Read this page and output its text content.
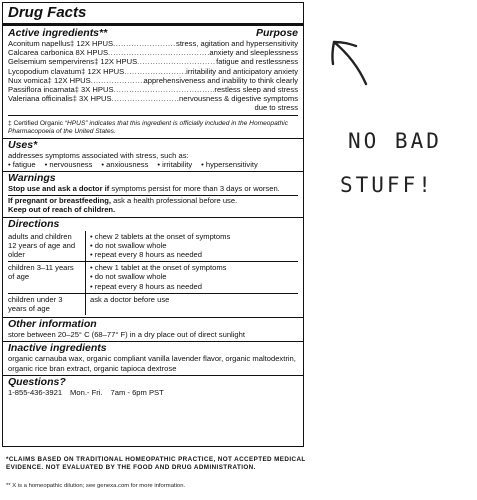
Drug Facts
Active ingredients**	Purpose
Aconitum napellus‡ 12X HPUS .....	stress, agitation and hypersensitivity
Calcarea carbonica 8X HPUS .....	anxiety and sleeplessness
Gelsemium sempervirens‡ 12X HPUS .....	fatigue and restlessness
Lycopodium clavatum‡ 12X HPUS .....	irritability and anticipatory anxiety
Nux vomica‡ 12X HPUS .....	apprehensiveness and inability to think clearly
Passiflora incarnata‡ 3X HPUS .....	restless sleep and stress
Valeriana officinalis‡ 3X HPUS .....	nervousness & digestive symptoms
due to stress
‡ Certified Organic “HPUS” indicates that this ingredient is officially included in the Homeopathic Pharmacopoeia of the United States.
Uses*
addresses symptoms associated with stress, such as:
• fatigue • nervousness • anxiousness • irritability • hypersensitivity
Warnings
Stop use and ask a doctor if symptoms persist for more than 3 days or worsen.
If pregnant or breastfeeding, ask a health professional before use.
Keep out of reach of children.
Directions
adults and children 12 years of age and older
• chew 2 tablets at the onset of symptoms
• do not swallow whole
• repeat every 8 hours as needed
children 3–11 years of age
• chew 1 tablet at the onset of symptoms
• do not swallow whole
• repeat every 8 hours as needed
children under 3 years of age
ask a doctor before use
Other information
store between 20–25° C (68–77° F) in a dry place out of direct sunlight
Inactive ingredients
organic carnauba wax, organic compliant vanilla lavender flavor, organic maltodextrin, organic rice bran extract, organic tapioca dextrose
Questions?
1-855-436-3921 Mon.- Fri. 7am - 6pm PST
*CLAIMS BASED ON TRADITIONAL HOMEOPATHIC PRACTICE, NOT ACCEPTED MEDICAL EVIDENCE. NOT EVALUATED BY THE FOOD AND DRUG ADMINISTRATION.
** X is a homeopathic dilution; see genexa.com for more information.
NO BAD
STUFF!
